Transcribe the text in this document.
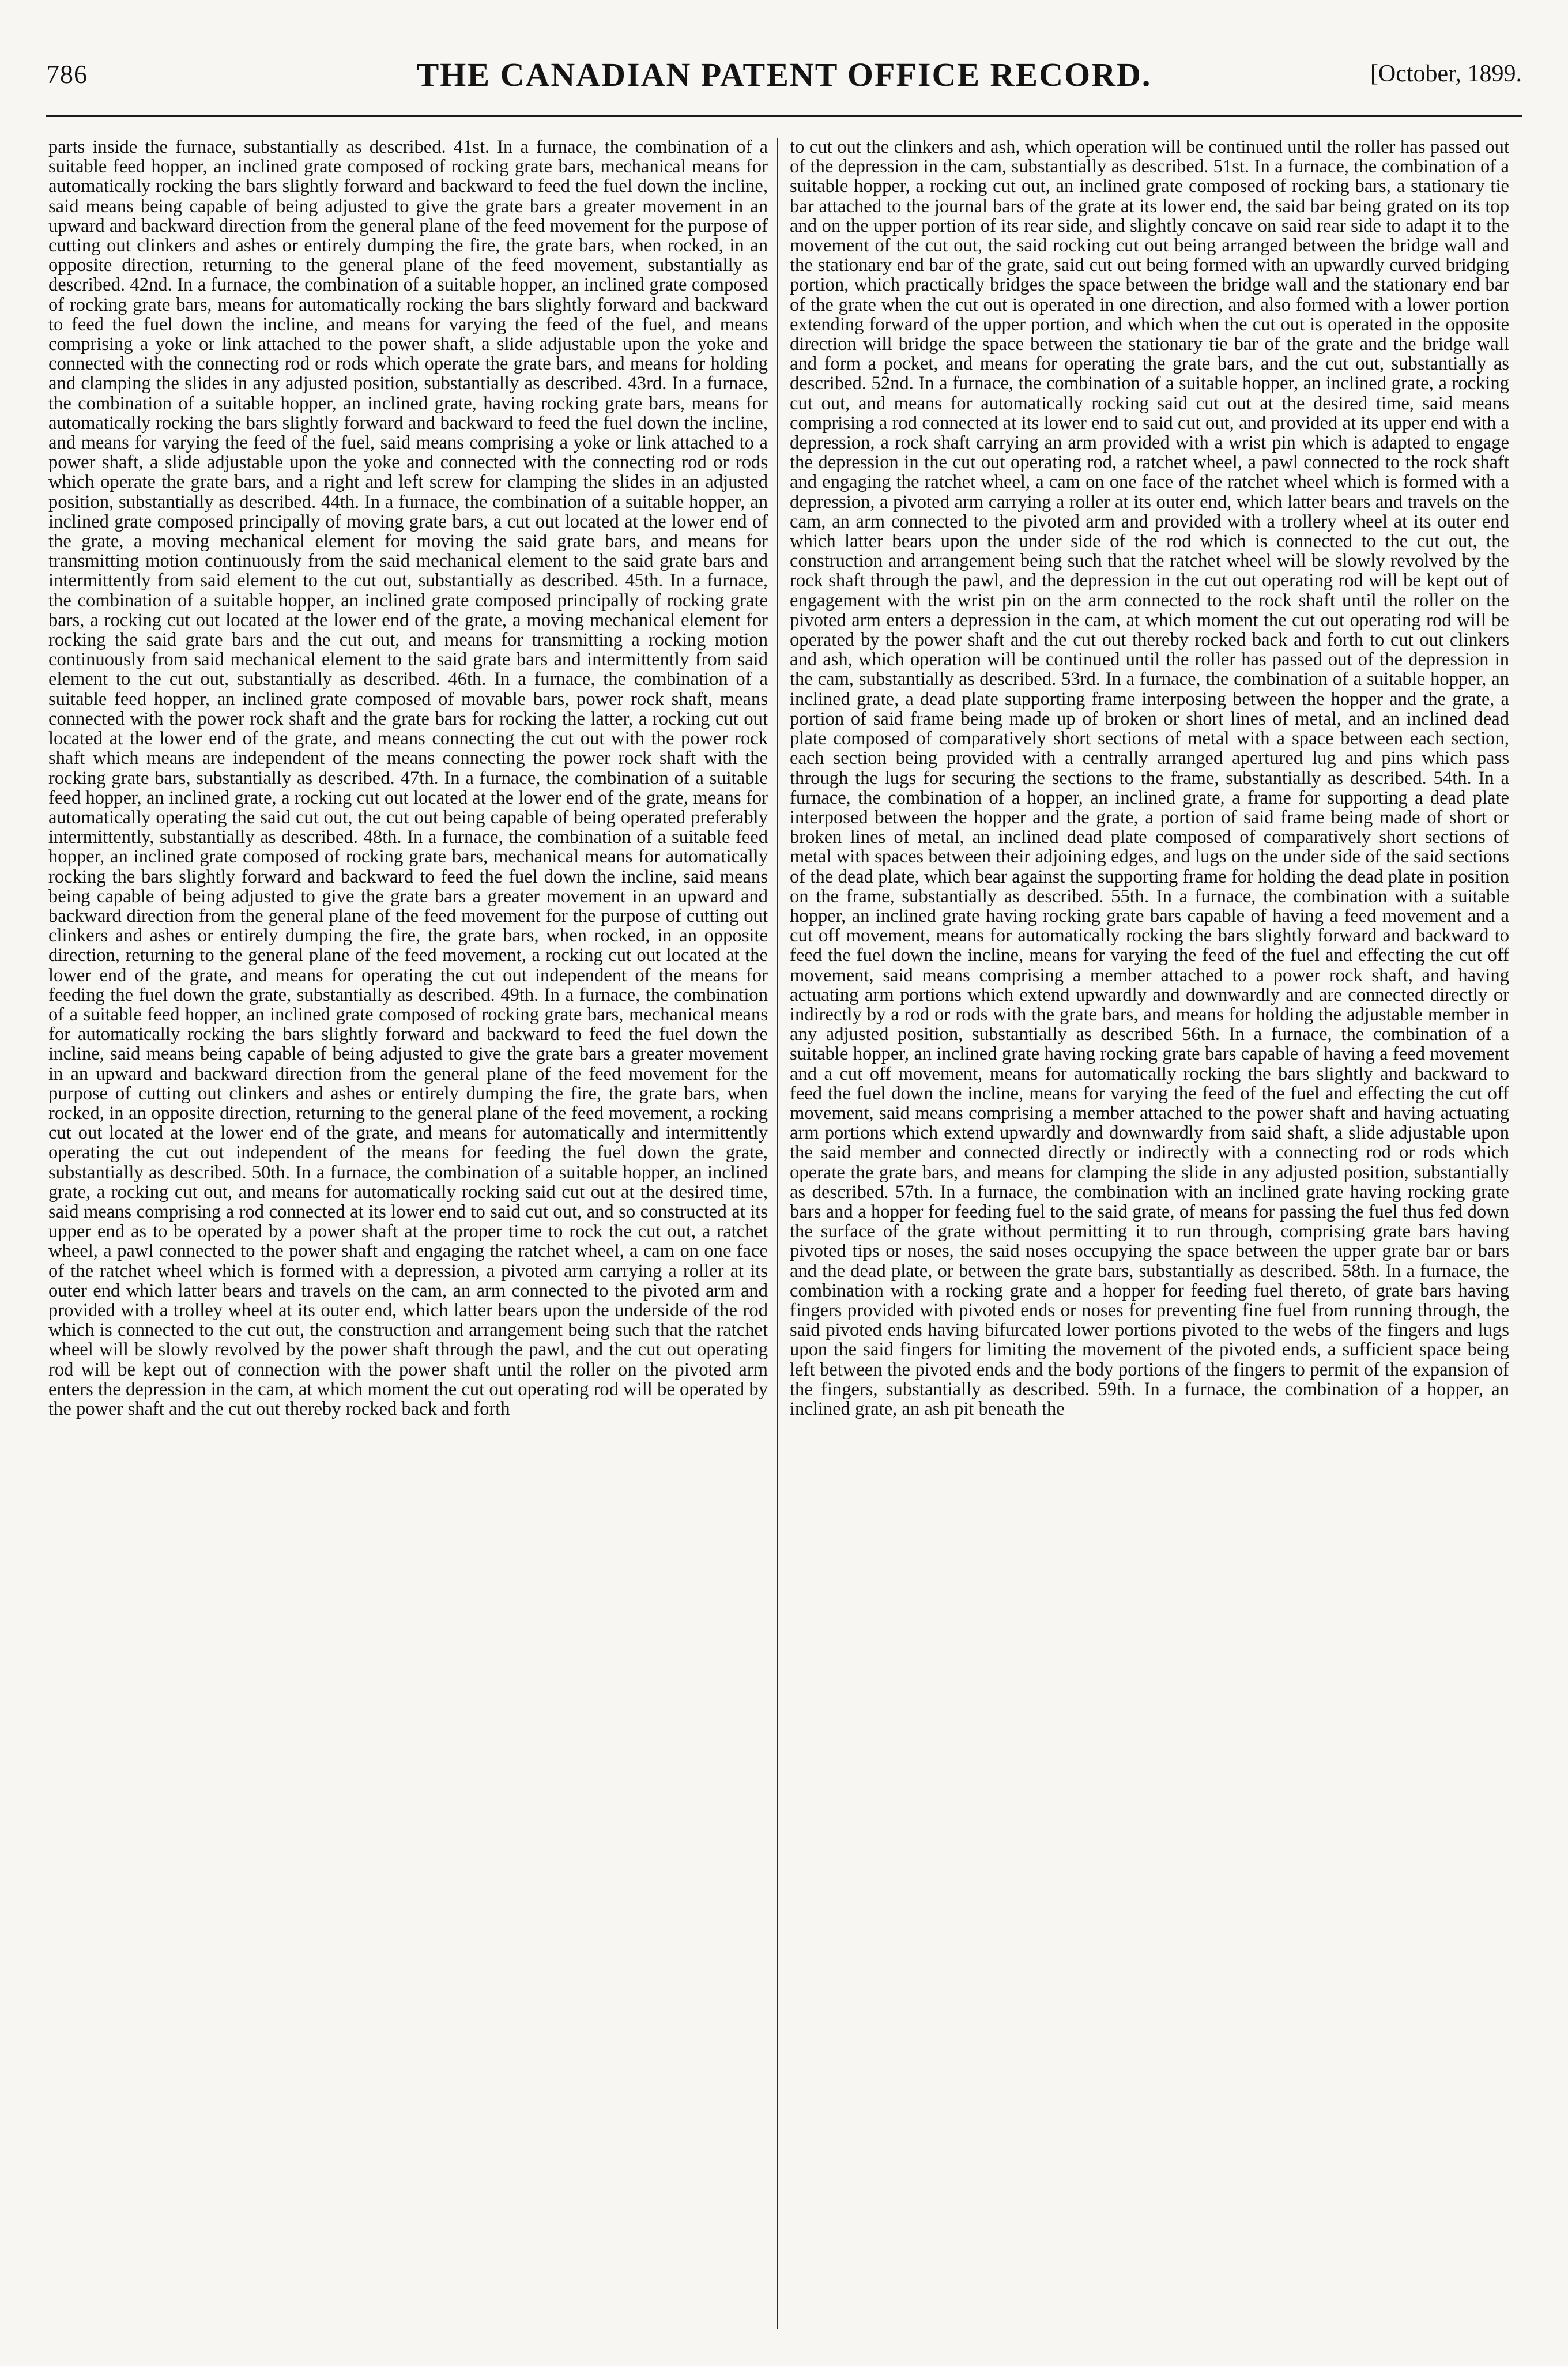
786	THE CANADIAN PATENT OFFICE RECORD.	[October, 1899.

parts inside the furnace, substantially as described. 41st. In a furnace, the combination of a suitable feed hopper, an inclined grate composed of rocking grate bars, mechanical means for automatically rocking the bars slightly forward and backward to feed the fuel down the incline, said means being capable of being adjusted to give the grate bars a greater movement in an upward and backward direction from the general plane of the feed movement for the purpose of cutting out clinkers and ashes or entirely dumping the fire, the grate bars, when rocked, in an opposite direction, returning to the general plane of the feed movement, substantially as described. 42nd. In a furnace, the combination of a suitable hopper, an inclined grate composed of rocking grate bars, means for automatically rocking the bars slightly forward and backward to feed the fuel down the incline, and means for varying the feed of the fuel, and means comprising a yoke or link attached to the power shaft, a slide adjustable upon the yoke and connected with the connecting rod or rods which operate the grate bars, and means for holding and clamping the slides in any adjusted position, substantially as described. 43rd. In a furnace, the combination of a suitable hopper, an inclined grate, having rocking grate bars, means for automatically rocking the bars slightly forward and backward to feed the fuel down the incline, and means for varying the feed of the fuel, said means comprising a yoke or link attached to a power shaft, a slide adjustable upon the yoke and connected with the connecting rod or rods which operate the grate bars, and a right and left screw for clamping the slides in an adjusted position, substantially as described. 44th. In a furnace, the combination of a suitable hopper, an inclined grate composed principally of moving grate bars, a cut out located at the lower end of the grate, a moving mechanical element for moving the said grate bars, and means for transmitting motion continuously from the said mechanical element to the said grate bars and intermittently from said element to the cut out, substantially as described. 45th. In a furnace, the combination of a suitable hopper, an inclined grate composed principally of rocking grate bars, a rocking cut out located at the lower end of the grate, a moving mechanical element for rocking the said grate bars and the cut out, and means for transmitting a rocking motion continuously from said mechanical element to the said grate bars and intermittently from said element to the cut out, substantially as described. 46th. In a furnace, the combination of a suitable feed hopper, an inclined grate composed of movable bars, power rock shaft, means connected with the power rock shaft and the grate bars for rocking the latter, a rocking cut out located at the lower end of the grate, and means connecting the cut out with the power rock shaft which means are independent of the means connecting the power rock shaft with the rocking grate bars, substantially as described. 47th. In a furnace, the combination of a suitable feed hopper, an inclined grate, a rocking cut out located at the lower end of the grate, means for automatically operating the said cut out, the cut out being capable of being operated preferably intermittently, substantially as described. 48th. In a furnace, the combination of a suitable feed hopper, an inclined grate composed of rocking grate bars, mechanical means for automatically rocking the bars slightly forward and backward to feed the fuel down the incline, said means being capable of being adjusted to give the grate bars a greater movement in an upward and backward direction from the general plane of the feed movement for the purpose of cutting out clinkers and ashes or entirely dumping the fire, the grate bars, when rocked, in an opposite direction, returning to the general plane of the feed movement, a rocking cut out located at the lower end of the grate, and means for operating the cut out independent of the means for feeding the fuel down the grate, substantially as described. 49th. In a furnace, the combination of a suitable feed hopper, an inclined grate composed of rocking grate bars, mechanical means for automatically rocking the bars slightly forward and backward to feed the fuel down the incline, said means being capable of being adjusted to give the grate bars a greater movement in an upward and backward direction from the general plane of the feed movement for the purpose of cutting out clinkers and ashes or entirely dumping the fire, the grate bars, when rocked, in an opposite direction, returning to the general plane of the feed movement, a rocking cut out located at the lower end of the grate, and means for automatically and intermittently operating the cut out independent of the means for feeding the fuel down the grate, substantially as described. 50th. In a furnace, the combination of a suitable hopper, an inclined grate, a rocking cut out, and means for automatically rocking said cut out at the desired time, said means comprising a rod connected at its lower end to said cut out, and so constructed at its upper end as to be operated by a power shaft at the proper time to rock the cut out, a ratchet wheel, a pawl connected to the power shaft and engaging the ratchet wheel, a cam on one face of the ratchet wheel which is formed with a depression, a pivoted arm carrying a roller at its outer end which latter bears and travels on the cam, an arm connected to the pivoted arm and provided with a trolley wheel at its outer end, which latter bears upon the underside of the rod which is connected to the cut out, the construction and arrangement being such that the ratchet wheel will be slowly revolved by the power shaft through the pawl, and the cut out operating rod will be kept out of connection with the power shaft until the roller on the pivoted arm enters the depression in the cam, at which moment the cut out operating rod will be operated by the power shaft and the cut out thereby rocked back and forth

to cut out the clinkers and ash, which operation will be continued until the roller has passed out of the depression in the cam, substantially as described. 51st. In a furnace, the combination of a suitable hopper, a rocking cut out, an inclined grate composed of rocking bars, a stationary tie bar attached to the journal bars of the grate at its lower end, the said bar being grated on its top and on the upper portion of its rear side, and slightly concave on said rear side to adapt it to the movement of the cut out, the said rocking cut out being arranged between the bridge wall and the stationary end bar of the grate, said cut out being formed with an upwardly curved bridging portion, which practically bridges the space between the bridge wall and the stationary end bar of the grate when the cut out is operated in one direction, and also formed with a lower portion extending forward of the upper portion, and which when the cut out is operated in the opposite direction will bridge the space between the stationary tie bar of the grate and the bridge wall and form a pocket, and means for operating the grate bars, and the cut out, substantially as described. 52nd. In a furnace, the combination of a suitable hopper, an inclined grate, a rocking cut out, and means for automatically rocking said cut out at the desired time, said means comprising a rod connected at its lower end to said cut out, and provided at its upper end with a depression, a rock shaft carrying an arm provided with a wrist pin which is adapted to engage the depression in the cut out operating rod, a ratchet wheel, a pawl connected to the rock shaft and engaging the ratchet wheel, a cam on one face of the ratchet wheel which is formed with a depression, a pivoted arm carrying a roller at its outer end, which latter bears and travels on the cam, an arm connected to the pivoted arm and provided with a trollery wheel at its outer end which latter bears upon the under side of the rod which is connected to the cut out, the construction and arrangement being such that the ratchet wheel will be slowly revolved by the rock shaft through the pawl, and the depression in the cut out operating rod will be kept out of engagement with the wrist pin on the arm connected to the rock shaft until the roller on the pivoted arm enters a depression in the cam, at which moment the cut out operating rod will be operated by the power shaft and the cut out thereby rocked back and forth to cut out clinkers and ash, which operation will be continued until the roller has passed out of the depression in the cam, substantially as described. 53rd. In a furnace, the combination of a suitable hopper, an inclined grate, a dead plate supporting frame interposing between the hopper and the grate, a portion of said frame being made up of broken or short lines of metal, and an inclined dead plate composed of comparatively short sections of metal with a space between each section, each section being provided with a centrally arranged apertured lug and pins which pass through the lugs for securing the sections to the frame, substantially as described. 54th. In a furnace, the combination of a hopper, an inclined grate, a frame for supporting a dead plate interposed between the hopper and the grate, a portion of said frame being made of short or broken lines of metal, an inclined dead plate composed of comparatively short sections of metal with spaces between their adjoining edges, and lugs on the under side of the said sections of the dead plate, which bear against the supporting frame for holding the dead plate in position on the frame, substantially as described. 55th. In a furnace, the combination with a suitable hopper, an inclined grate having rocking grate bars capable of having a feed movement and a cut off movement, means for automatically rocking the bars slightly forward and backward to feed the fuel down the incline, means for varying the feed of the fuel and effecting the cut off movement, said means comprising a member attached to a power rock shaft, and having actuating arm portions which extend upwardly and downwardly and are connected directly or indirectly by a rod or rods with the grate bars, and means for holding the adjustable member in any adjusted position, substantially as described 56th. In a furnace, the combination of a suitable hopper, an inclined grate having rocking grate bars capable of having a feed movement and a cut off movement, means for automatically rocking the bars slightly and backward to feed the fuel down the incline, means for varying the feed of the fuel and effecting the cut off movement, said means comprising a member attached to the power shaft and having actuating arm portions which extend upwardly and downwardly from said shaft, a slide adjustable upon the said member and connected directly or indirectly with a connecting rod or rods which operate the grate bars, and means for clamping the slide in any adjusted position, substantially as described. 57th. In a furnace, the combination with an inclined grate having rocking grate bars and a hopper for feeding fuel to the said grate, of means for passing the fuel thus fed down the surface of the grate without permitting it to run through, comprising grate bars having pivoted tips or noses, the said noses occupying the space between the upper grate bar or bars and the dead plate, or between the grate bars, substantially as described. 58th. In a furnace, the combination with a rocking grate and a hopper for feeding fuel thereto, of grate bars having fingers provided with pivoted ends or noses for preventing fine fuel from running through, the said pivoted ends having bifurcated lower portions pivoted to the webs of the fingers and lugs upon the said fingers for limiting the movement of the pivoted ends, a sufficient space being left between the pivoted ends and the body portions of the fingers to permit of the expansion of the fingers, substantially as described. 59th. In a furnace, the combination of a hopper, an inclined grate, an ash pit beneath the
